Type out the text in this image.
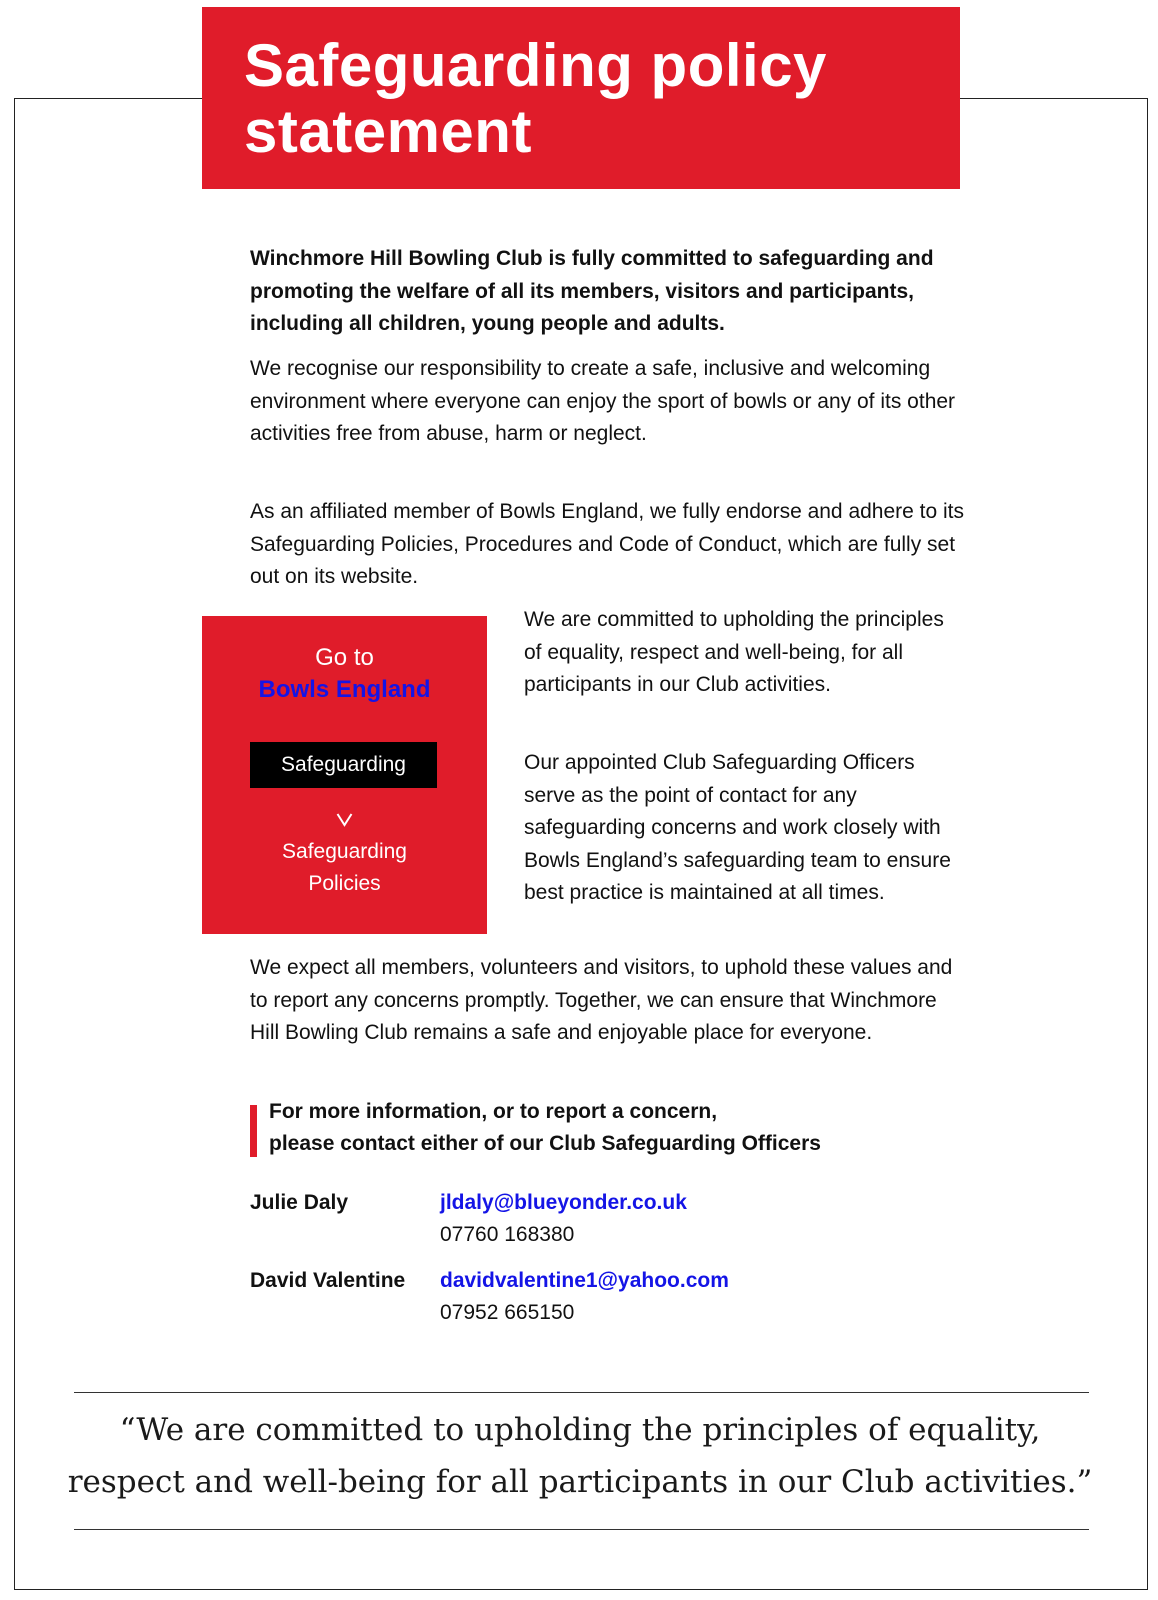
Safeguarding policy
statement

Winchmore Hill Bowling Club is fully committed to safeguarding and promoting the welfare of all its members, visitors and participants, including all children, young people and adults.

We recognise our responsibility to create a safe, inclusive and welcoming environment where everyone can enjoy the sport of bowls or any of its other activities free from abuse, harm or neglect.

As an affiliated member of Bowls England, we fully endorse and adhere to its Safeguarding Policies, Procedures and Code of Conduct, which are fully set out on its website.

Go to
Bowls England
Safeguarding
Safeguarding
Policies

We are committed to upholding the principles of equality, respect and well-being, for all participants in our Club activities.

Our appointed Club Safeguarding Officers serve as the point of contact for any safeguarding concerns and work closely with Bowls England’s safeguarding team to ensure best practice is maintained at all times.

We expect all members, volunteers and visitors, to uphold these values and to report any concerns promptly. Together, we can ensure that Winchmore Hill Bowling Club remains a safe and enjoyable place for everyone.

For more information, or to report a concern,
please contact either of our Club Safeguarding Officers
Julie Daly	jldaly@blueyonder.co.uk
07760 168380
David Valentine davidvalentine1@yahoo.com
07952 665150

“We are committed to upholding the principles of equality,
respect and well-being for all participants in our Club activities.”
